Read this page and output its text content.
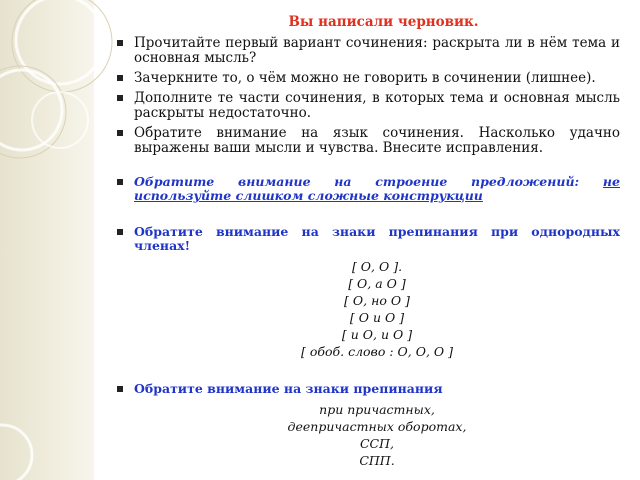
Вы написали черновик.
Прочитайте первый вариант сочинения: раскрыта ли в нём тема и основная мысль?
Зачеркните то, о чём можно не говорить в сочинении (лишнее).
Дополните те части сочинения, в которых тема и основная мысль раскрыты недостаточно.
Обратите внимание на язык сочинения. Насколько удачно выражены ваши мысли и чувства. Внесите исправления.
Обратите внимание на строение предложений: не используйте слишком сложные конструкции
Обратите внимание на знаки препинания при однородных членах!
[ О, О ].
[ О, а О ]
[ О, но О ]
[ О и О ]
[ и О, и О ]
[ обоб. слово : О, О, О ]
Обратите внимание на знаки препинания
при причастных,
деепричастных оборотах,
ССП,
СПП.
